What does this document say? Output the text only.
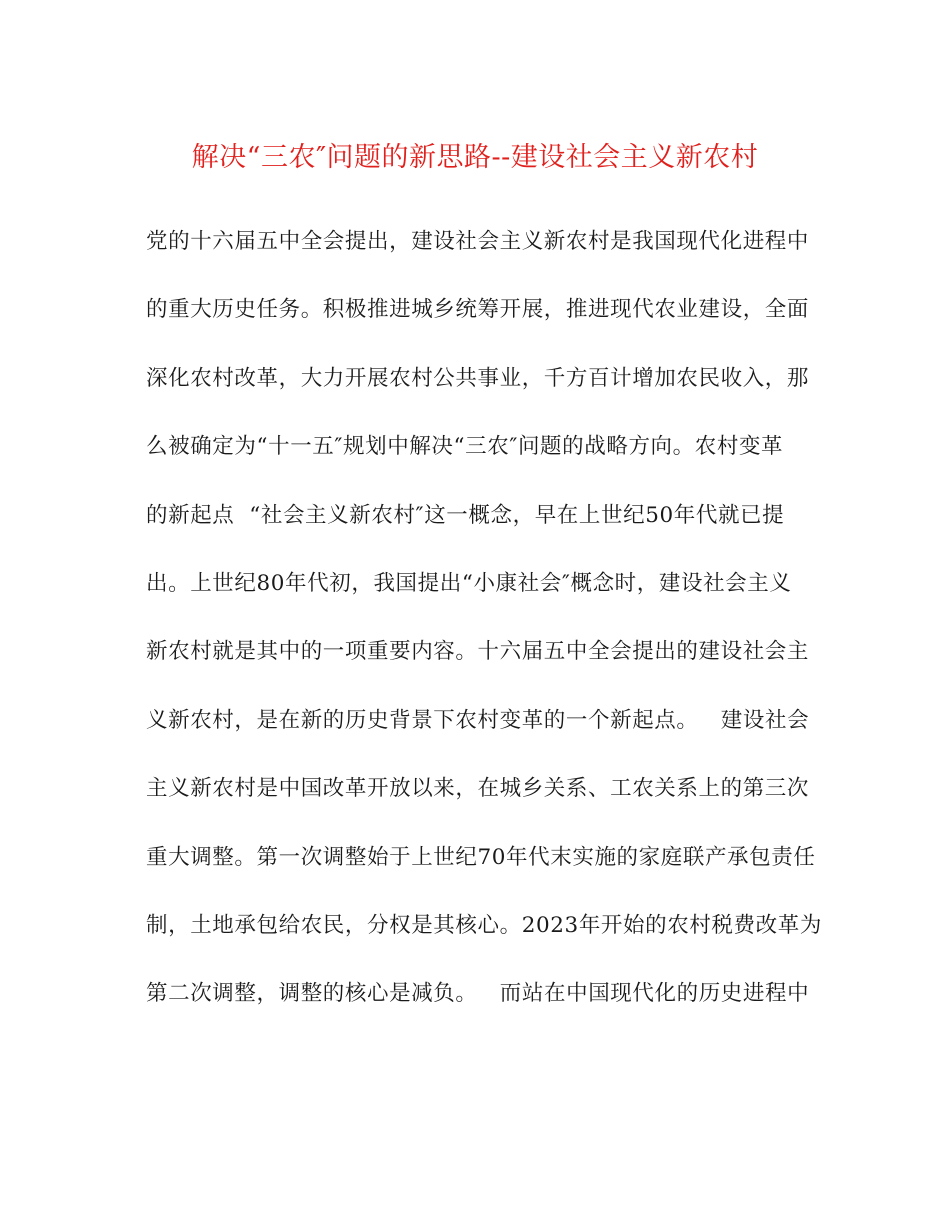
解决“三农″问题的新思路--建设社会主义新农村
党的十六届五中全会提出，建设社会主义新农村是我国现代化进程中
的重大历史任务。积极推进城乡统筹开展，推进现代农业建设，全面
深化农村改革，大力开展农村公共事业，千方百计增加农民收入，那
么被确定为“十一五″规划中解决“三农″问题的战略方向。农村变革
的新起点  “社会主义新农村″这一概念，早在上世纪50年代就已提
出。上世纪80年代初，我国提出“小康社会″概念时，建设社会主义
新农村就是其中的一项重要内容。十六届五中全会提出的建设社会主
义新农村，是在新的历史背景下农村变革的一个新起点。   建设社会
主义新农村是中国改革开放以来，在城乡关系、工农关系上的第三次
重大调整。第一次调整始于上世纪70年代末实施的家庭联产承包责任
制，土地承包给农民，分权是其核心。2023年开始的农村税费改革为
第二次调整，调整的核心是减负。   而站在中国现代化的历史进程中
